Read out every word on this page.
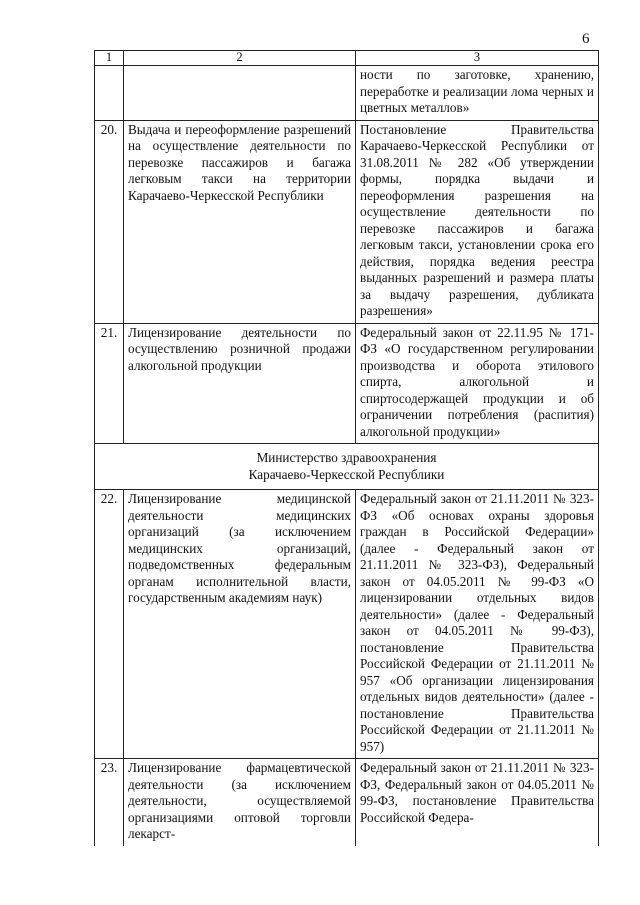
6
1	2	3
		ности по заготовке, хранению, переработке и реализации лома черных и цветных металлов»
20.	Выдача и переоформление разрешений на осуществление деятельности по перевозке пассажиров и багажа легковым такси на территории Карачаево-Черкесской Республики	Постановление Правительства Карачаево-Черкесской Республики от 31.08.2011 № 282 «Об утверждении формы, порядка выдачи и переоформления разрешения на осуществление деятельности по перевозке пассажиров и багажа легковым такси, установлении срока его действия, порядка ведения реестра выданных разрешений и размера платы за выдачу разрешения, дубликата разрешения»
21.	Лицензирование деятельности по осуществлению розничной продажи алкогольной продукции	Федеральный закон от 22.11.95 № 171-ФЗ «О государственном регулировании производства и оборота этилового спирта, алкогольной и спиртосодержащей продукции и об ограничении потребления (распития) алкогольной продукции»

Министерство здравоохранения
Карачаево-Черкесской Республики		

22.	Лицензирование медицинской деятельности медицинских организаций (за исключением медицинских организаций, подведомственных федеральным органам исполнительной власти, государственным академиям наук)	Федеральный закон от 21.11.2011 № 323-ФЗ «Об основах охраны здоровья граждан в Российской Федерации» (далее - Федеральный закон от 21.11.2011 № 323-ФЗ), Федеральный закон от 04.05.2011 № 99-ФЗ «О лицензировании отдельных видов деятельности» (далее - Федеральный закон от 04.05.2011 № 99-ФЗ), постановление Правительства Российской Федерации от 21.11.2011 № 957 «Об организации лицензирования отдельных видов деятельности» (далее - постановление Правительства Российской Федерации от 21.11.2011 № 957)
23.	Лицензирование фармацевтической деятельности (за исключением деятельности, осуществляемой организациями оптовой торговли лекарст-	Федеральный закон от 21.11.2011 № 323-ФЗ, Федеральный закон от 04.05.2011 № 99-ФЗ, постановление Правительства Российской Федера-
